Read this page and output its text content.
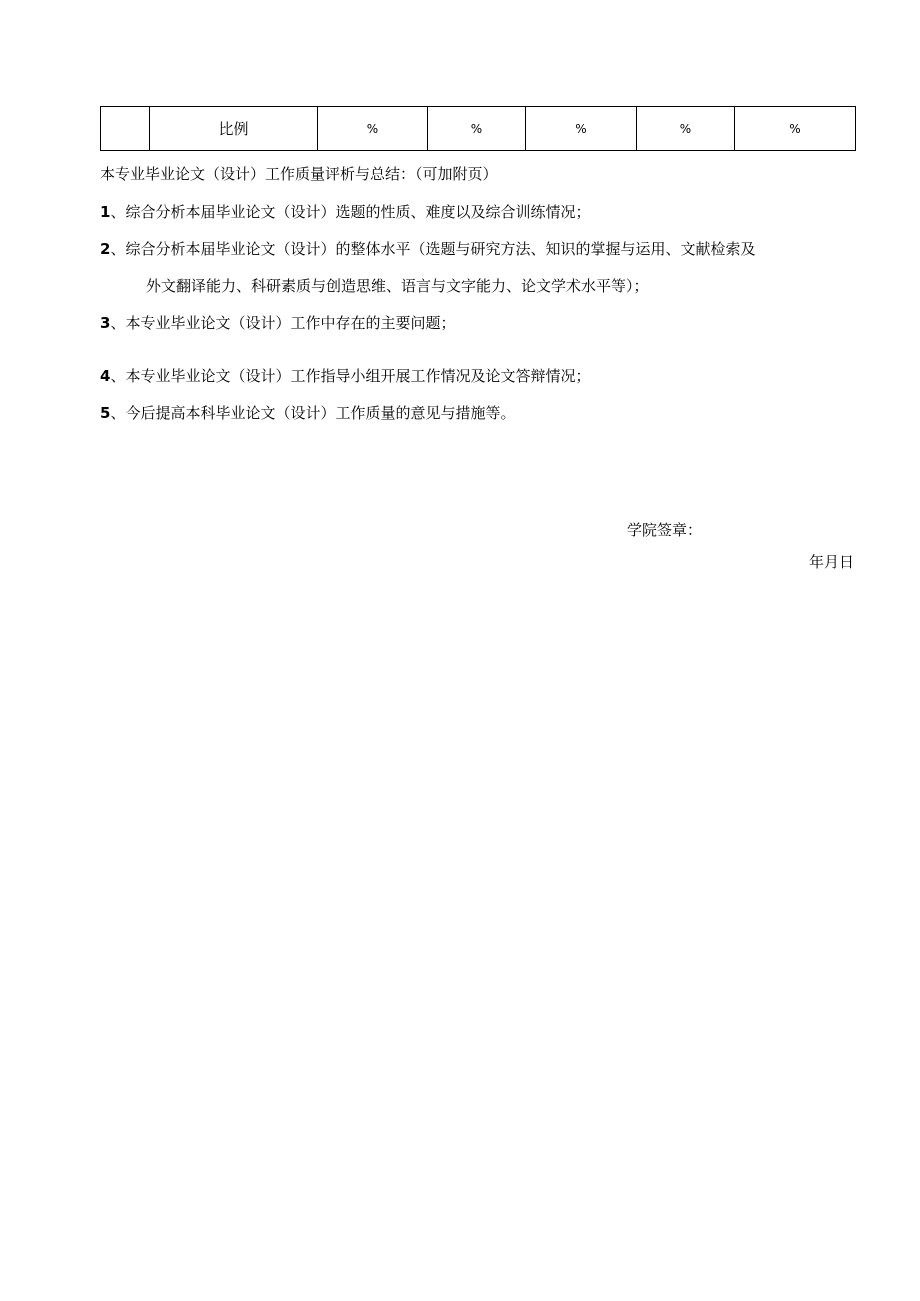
	比例	%	%	%	%	%

本专业毕业论文（设计）工作质量评析与总结：（可加附页）

1、综合分析本届毕业论文（设计）选题的性质、难度以及综合训练情况；

2、综合分析本届毕业论文（设计）的整体水平（选题与研究方法、知识的掌握与运用、文献检索及

外文翻译能力、科研素质与创造思维、语言与文字能力、论文学术水平等）；

3、本专业毕业论文（设计）工作中存在的主要问题；

4、本专业毕业论文（设计）工作指导小组开展工作情况及论文答辩情况；

5、今后提高本科毕业论文（设计）工作质量的意见与措施等。

学院签章：

年月日
